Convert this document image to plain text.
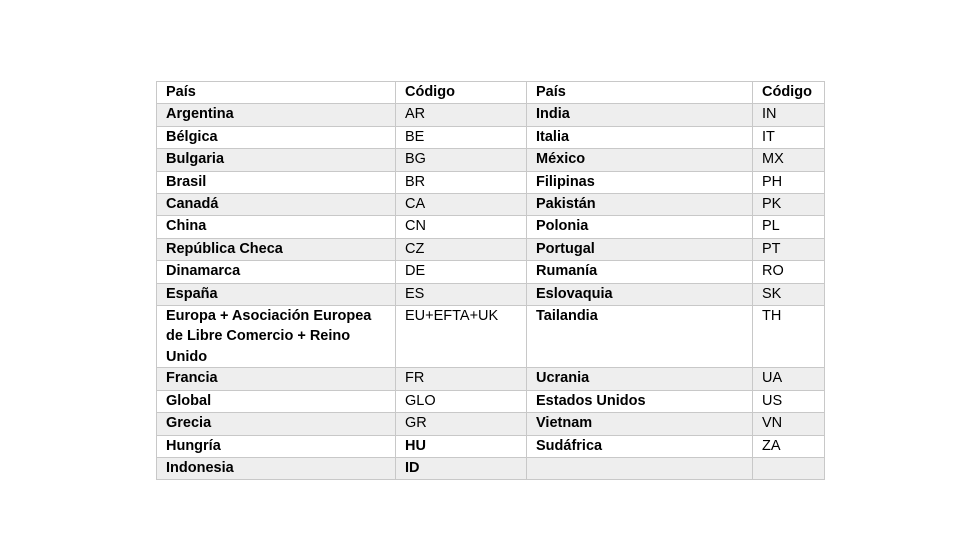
País	Código	País	Código
Argentina	AR	India	IN
Bélgica	BE	Italia	IT
Bulgaria	BG	México	MX
Brasil	BR	Filipinas	PH
Canadá	CA	Pakistán	PK
China	CN	Polonia	PL
República Checa	CZ	Portugal	PT
Dinamarca	DE	Rumanía	RO
España	ES	Eslovaquia	SK
Europa + Asociación Europea de Libre Comercio + Reino Unido	EU+EFTA+UK	Tailandia	TH
Francia	FR	Ucrania	UA
Global	GLO	Estados Unidos	US
Grecia	GR	Vietnam	VN
Hungría	HU	Sudáfrica	ZA
Indonesia	ID		
